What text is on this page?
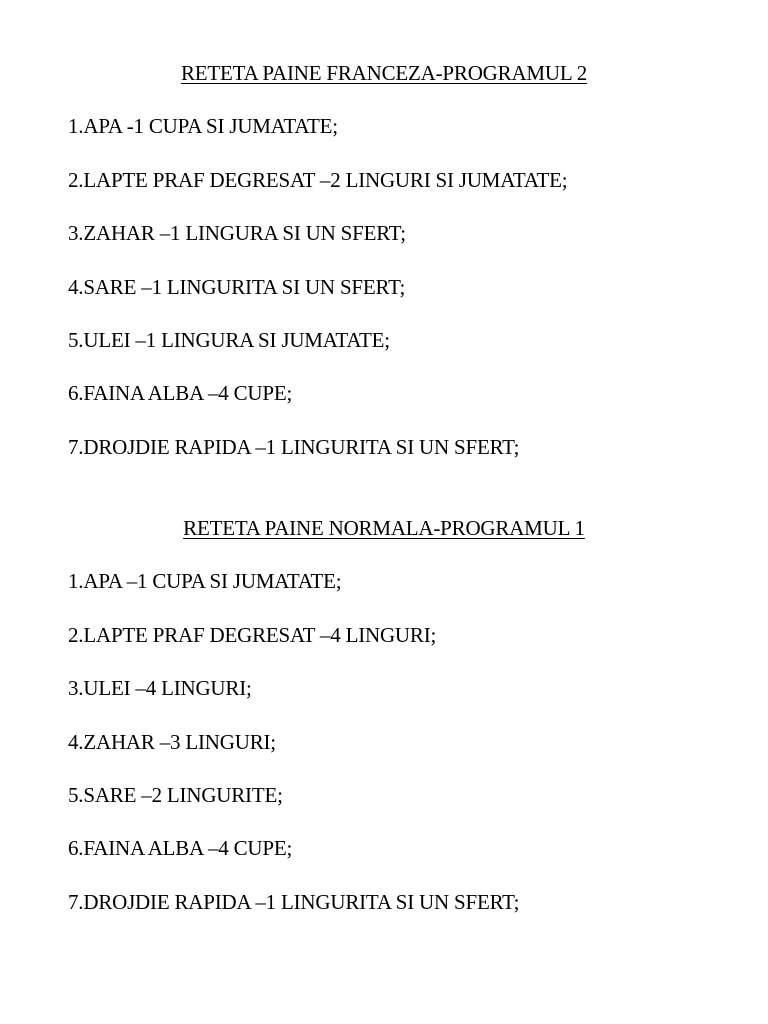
RETETA PAINE FRANCEZA-PROGRAMUL 2
1.APA -1 CUPA SI JUMATATE;
2.LAPTE PRAF DEGRESAT –2 LINGURI SI JUMATATE;
3.ZAHAR –1 LINGURA SI UN SFERT;
4.SARE –1 LINGURITA SI UN SFERT;
5.ULEI –1 LINGURA SI JUMATATE;
6.FAINA ALBA –4 CUPE;
7.DROJDIE RAPIDA –1 LINGURITA SI UN SFERT;
RETETA PAINE NORMALA-PROGRAMUL 1
1.APA –1 CUPA SI JUMATATE;
2.LAPTE PRAF DEGRESAT –4 LINGURI;
3.ULEI –4 LINGURI;
4.ZAHAR –3 LINGURI;
5.SARE –2 LINGURITE;
6.FAINA ALBA –4 CUPE;
7.DROJDIE RAPIDA –1 LINGURITA SI UN SFERT;
